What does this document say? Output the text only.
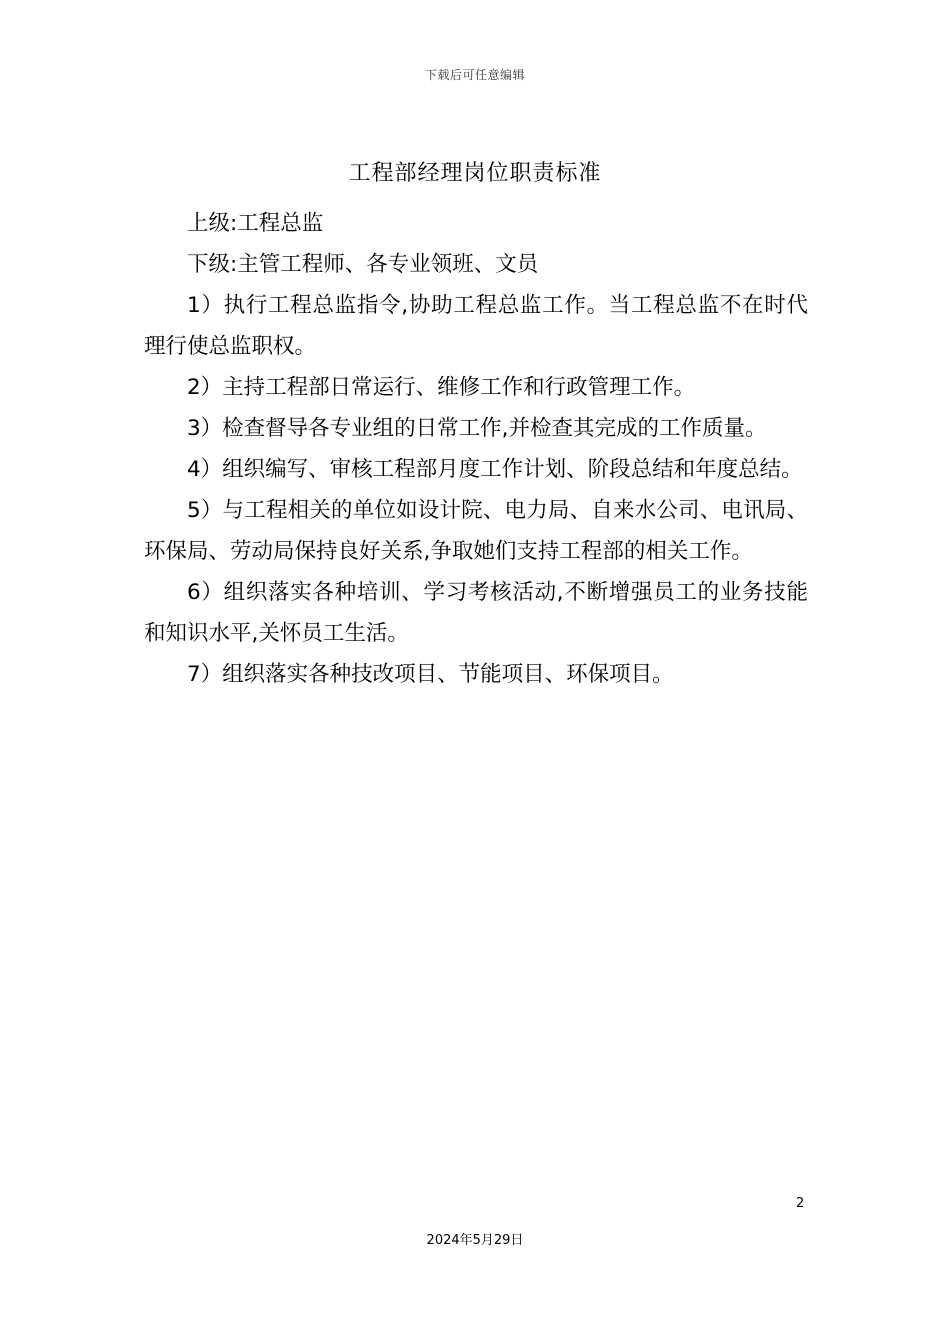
下载后可任意编辑
工程部经理岗位职责标准

上级:工程总监

下级:主管工程师、各专业领班、文员

1）执行工程总监指令,协助工程总监工作。当工程总监不在时代理行使总监职权。

2）主持工程部日常运行、维修工作和行政管理工作。

3）检查督导各专业组的日常工作,并检查其完成的工作质量。

4）组织编写、审核工程部月度工作计划、阶段总结和年度总结。

5）与工程相关的单位如设计院、电力局、自来水公司、电讯局、环保局、劳动局保持良好关系,争取她们支持工程部的相关工作。

6）组织落实各种培训、学习考核活动,不断增强员工的业务技能和知识水平,关怀员工生活。

7）组织落实各种技改项目、节能项目、环保项目。

2
2024年5月29日
